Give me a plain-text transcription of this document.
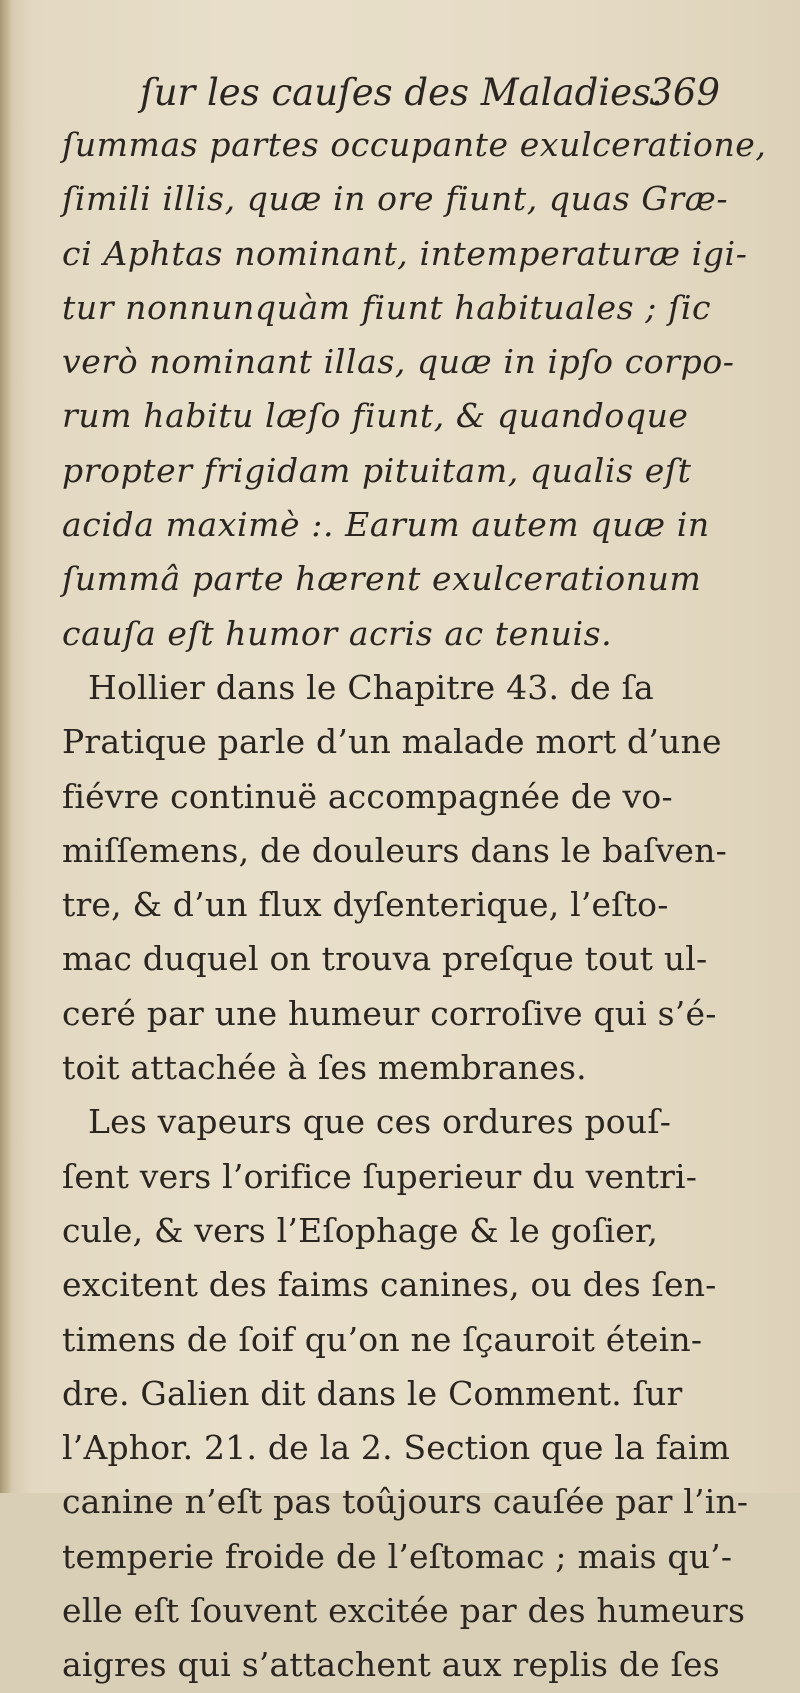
ſur les cauſes des Maladies.
369
ſummas partes occupante exulceratione,
ſimili illis, quæ in ore fiunt, quas Græ-
ci Aphtas nominant, intemperaturæ igi-
tur nonnunquàm fiunt habituales ; ſic
verò nominant illas, quæ in ipſo corpo-
rum habitu læſo fiunt, & quandoque
propter frigidam pituitam, qualis eſt
acida maximè :. Earum autem quæ in
ſummâ parte hærent exulcerationum
cauſa eſt humor acris ac tenuis.
Hollier dans le Chapitre 43. de ſa
Pratique parle d’un malade mort d’une
fiévre continuë accompagnée de vo-
miſſemens, de douleurs dans le baſven-
tre, & d’un flux dyſenterique, l’eſto-
mac duquel on trouva preſque tout ul-
ceré par une humeur corroſive qui s’é-
toit attachée à ſes membranes.
Les vapeurs que ces ordures pouſ-
ſent vers l’orifice ſuperieur du ventri-
cule, & vers l’Eſophage & le goſier,
excitent des faims canines, ou des ſen-
timens de ſoif qu’on ne ſçauroit étein-
dre. Galien dit dans le Comment. ſur
l’Aphor. 21. de la 2. Section que la faim
canine n’eſt pas toûjours cauſée par l’in-
temperie froide de l’eſtomac ; mais qu’-
elle eſt ſouvent excitée par des humeurs
aigres qui s’attachent aux replis de ſes
